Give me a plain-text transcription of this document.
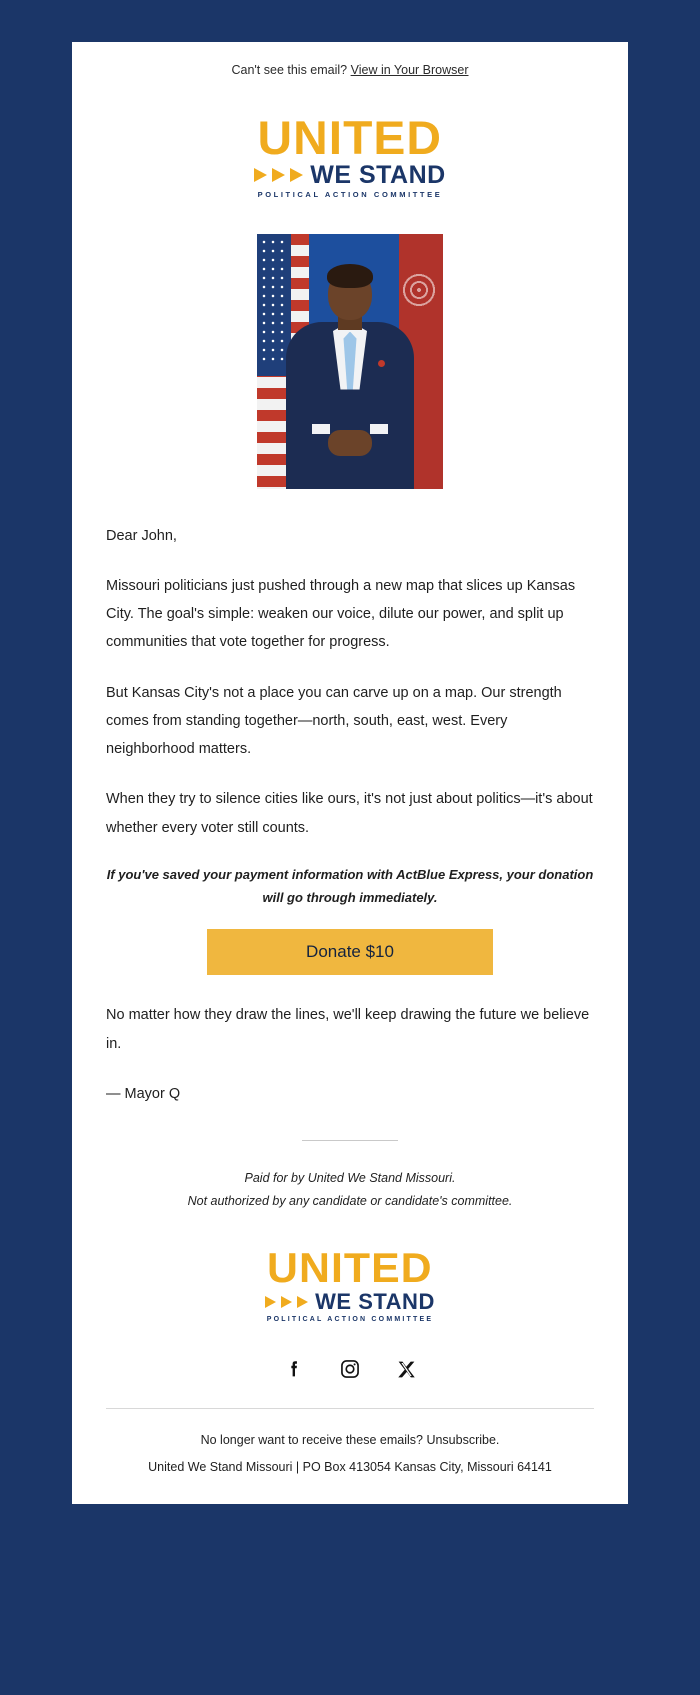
Can't see this email? View in Your Browser
UNITED
WE STAND
POLITICAL ACTION COMMITTEE

Dear John,

Missouri politicians just pushed through a new map that slices up Kansas City. The goal's simple: weaken our voice, dilute our power, and split up communities that vote together for progress.

But Kansas City's not a place you can carve up on a map. Our strength comes from standing together—north, south, east, west. Every neighborhood matters.

When they try to silence cities like ours, it's not just about politics—it's about whether every voter still counts.

If you've saved your payment information with ActBlue Express, your donation will go through immediately.
Donate $10

No matter how they draw the lines, we'll keep drawing the future we believe in.

— Mayor Q

Paid for by United We Stand Missouri.
Not authorized by any candidate or candidate's committee.
UNITED
WE STAND
POLITICAL ACTION COMMITTEE
No longer want to receive these emails? Unsubscribe.
United We Stand Missouri | PO Box 413054 Kansas City, Missouri 64141
